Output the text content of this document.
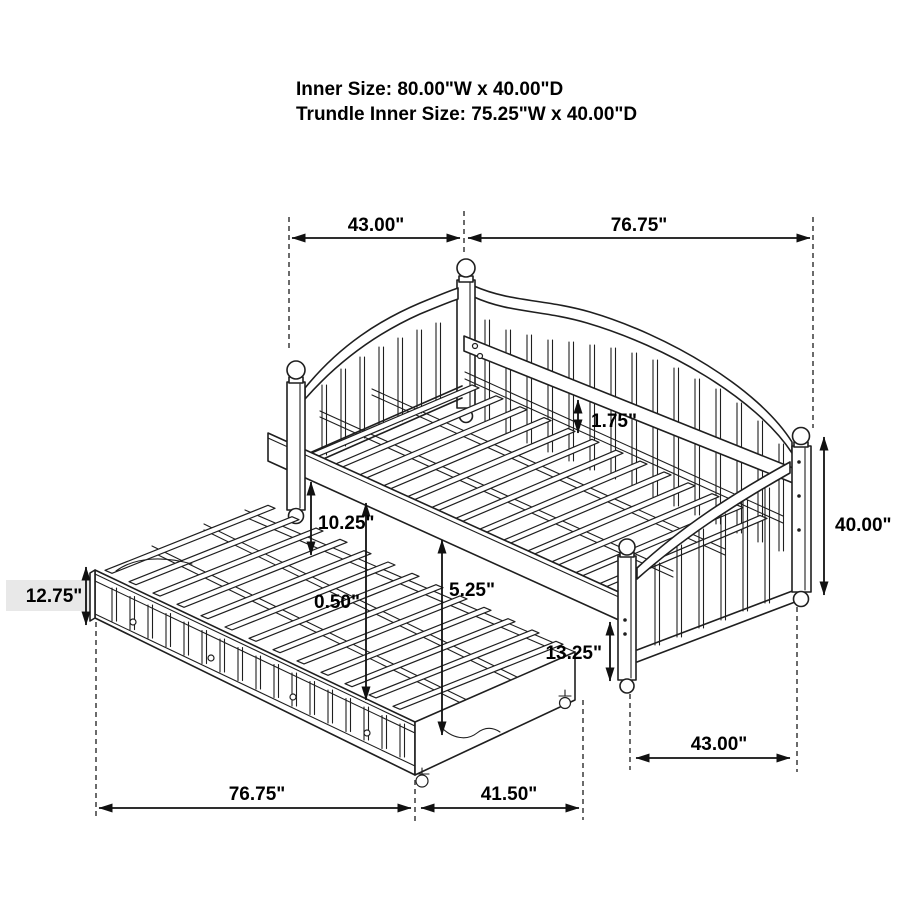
43.00"	76.75"
1.75"
10.25"
0.50"
5.25"
13.25"
40.00"
12.75"
76.75"	41.50"
43.00"
Inner Size: 80.00"W x 40.00"D
Trundle Inner Size: 75.25"W x 40.00"D
